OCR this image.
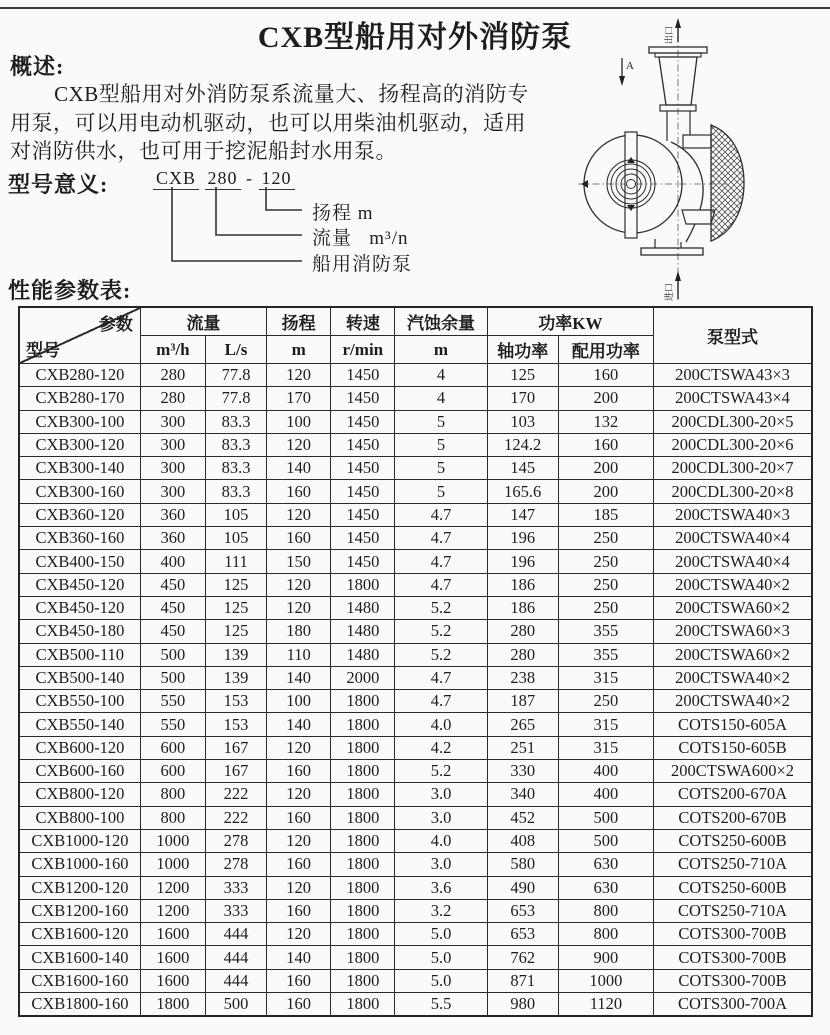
CXB型船用对外消防泵
概述:
CXB型船用对外消防泵系流量大、扬程高的消防专
用泵，可以用电动机驱动，也可以用柴油机驱动，适用
对消防供水，也可用于挖泥船封水用泵。
型号意义:	CXB 280 - 120
扬程 m
流量   m³/n
船用消防泵
性能参数表:
出口
A
进口
参数
型号	流量		扬程	转速	汽蚀余量	功率KW		泵型式
	m³/h	L/s	m	r/min	m	轴功率	配用功率	
CXB280-120	280	77.8	120	1450	4	125	160	200CTSWA43×3
CXB280-170	280	77.8	170	1450	4	170	200	200CTSWA43×4
CXB300-100	300	83.3	100	1450	5	103	132	200CDL300-20×5
CXB300-120	300	83.3	120	1450	5	124.2	160	200CDL300-20×6
CXB300-140	300	83.3	140	1450	5	145	200	200CDL300-20×7
CXB300-160	300	83.3	160	1450	5	165.6	200	200CDL300-20×8
CXB360-120	360	105	120	1450	4.7	147	185	200CTSWA40×3
CXB360-160	360	105	160	1450	4.7	196	250	200CTSWA40×4
CXB400-150	400	111	150	1450	4.7	196	250	200CTSWA40×4
CXB450-120	450	125	120	1800	4.7	186	250	200CTSWA40×2
CXB450-120	450	125	120	1480	5.2	186	250	200CTSWA60×2
CXB450-180	450	125	180	1480	5.2	280	355	200CTSWA60×3
CXB500-110	500	139	110	1480	5.2	280	355	200CTSWA60×2
CXB500-140	500	139	140	2000	4.7	238	315	200CTSWA40×2
CXB550-100	550	153	100	1800	4.7	187	250	200CTSWA40×2
CXB550-140	550	153	140	1800	4.0	265	315	COTS150-605A
CXB600-120	600	167	120	1800	4.2	251	315	COTS150-605B
CXB600-160	600	167	160	1800	5.2	330	400	200CTSWA600×2
CXB800-120	800	222	120	1800	3.0	340	400	COTS200-670A
CXB800-100	800	222	160	1800	3.0	452	500	COTS200-670B
CXB1000-120	1000	278	120	1800	4.0	408	500	COTS250-600B
CXB1000-160	1000	278	160	1800	3.0	580	630	COTS250-710A
CXB1200-120	1200	333	120	1800	3.6	490	630	COTS250-600B
CXB1200-160	1200	333	160	1800	3.2	653	800	COTS250-710A
CXB1600-120	1600	444	120	1800	5.0	653	800	COTS300-700B
CXB1600-140	1600	444	140	1800	5.0	762	900	COTS300-700B
CXB1600-160	1600	444	160	1800	5.0	871	1000	COTS300-700B
CXB1800-160	1800	500	160	1800	5.5	980	1120	COTS300-700A
